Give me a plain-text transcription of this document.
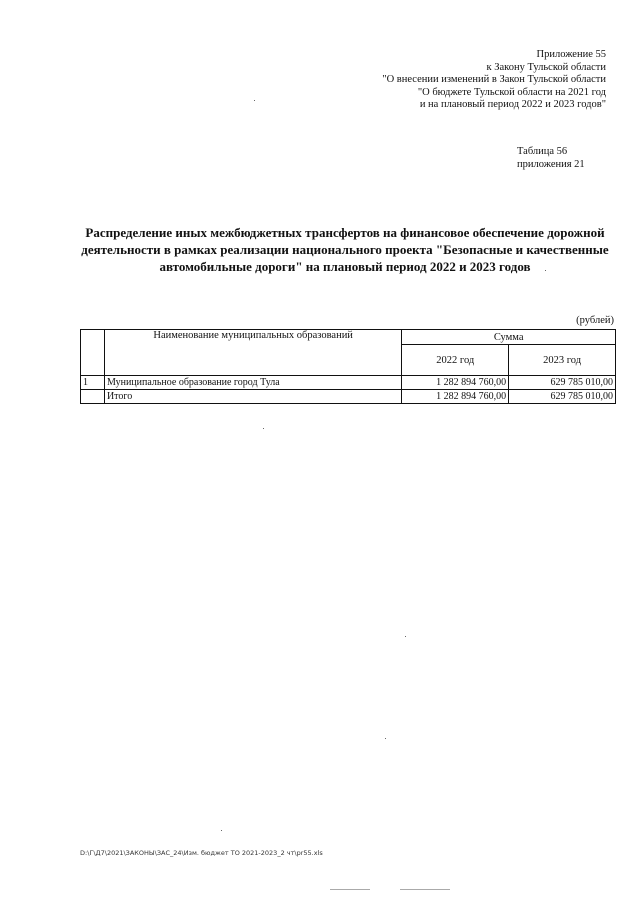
Приложение 55
к Закону Тульской области
"О внесении изменений в Закон Тульской области
"О бюджете Тульской области на 2021 год
и на плановый период 2022 и 2023 годов"
Таблица 56
приложения 21
Распределение иных межбюджетных трансфертов на финансовое обеспечение дорожной
деятельности в рамках реализации национального проекта "Безопасные и качественные
автомобильные дороги" на плановый период 2022 и 2023 годов
(рублей)
	Наименование муниципальных образований	Сумма	
		2022 год	2023 год
1	Муниципальное образование город Тула	1 282 894 760,00	629 785 010,00
	Итого	1 282 894 760,00	629 785 010,00
D:\Г\Д7\2021\ЗАКОНЫ\ЗАС_24\Изм. бюджет ТО 2021-2023_2 чт\pr55.xls
